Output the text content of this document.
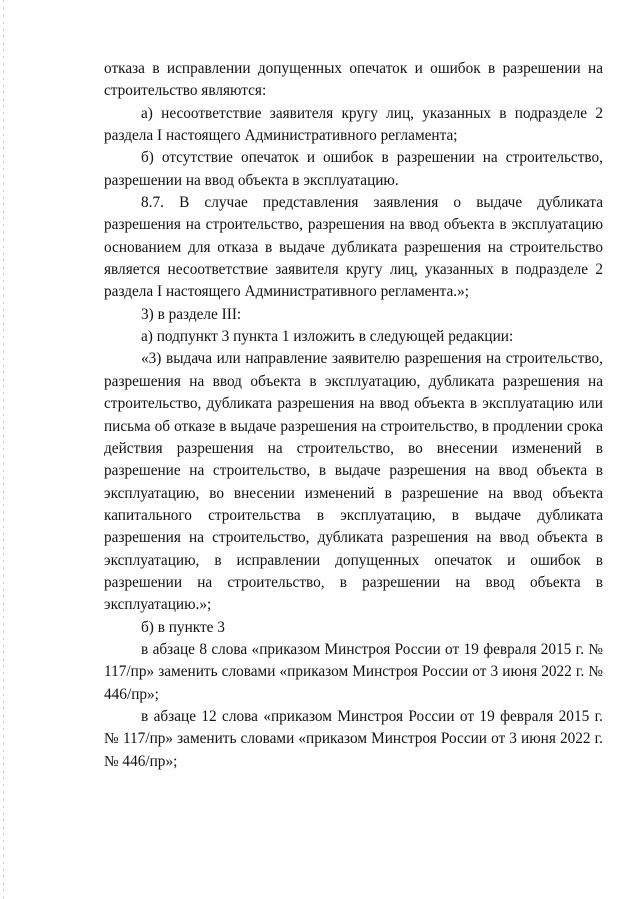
отказа в исправлении допущенных опечаток и ошибок в разрешении на строительство являются:

а) несоответствие заявителя кругу лиц, указанных в подразделе 2 раздела I настоящего Административного регламента;

б) отсутствие опечаток и ошибок в разрешении на строительство, разрешении на ввод объекта в эксплуатацию.

8.7. В случае представления заявления о выдаче дубликата разрешения на строительство, разрешения на ввод объекта в эксплуатацию основанием для отказа в выдаче дубликата разрешения на строительство является несоответствие заявителя кругу лиц, указанных в подразделе 2 раздела I настоящего Административного регламента.»;

3) в разделе III:

а) подпункт 3 пункта 1 изложить в следующей редакции:

«3) выдача или направление заявителю разрешения на строительство, разрешения на ввод объекта в эксплуатацию, дубликата разрешения на строительство, дубликата разрешения на ввод объекта в эксплуатацию или письма об отказе в выдаче разрешения на строительство, в продлении срока действия разрешения на строительство, во внесении изменений в разрешение на строительство, в выдаче разрешения на ввод объекта в эксплуатацию, во внесении изменений в разрешение на ввод объекта капитального строительства в эксплуатацию, в выдаче дубликата разрешения на строительство, дубликата разрешения на ввод объекта в эксплуатацию, в исправлении допущенных опечаток и ошибок в разрешении на строительство, в разрешении на ввод объекта в эксплуатацию.»;

б) в пункте 3

в абзаце 8 слова «приказом Минстроя России от 19 февраля 2015 г. № 117/пр» заменить словами «приказом Минстроя России от 3 июня 2022 г. № 446/пр»;

в абзаце 12 слова «приказом Минстроя России от 19 февраля 2015 г. № 117/пр» заменить словами «приказом Минстроя России от 3 июня 2022 г. № 446/пр»;
